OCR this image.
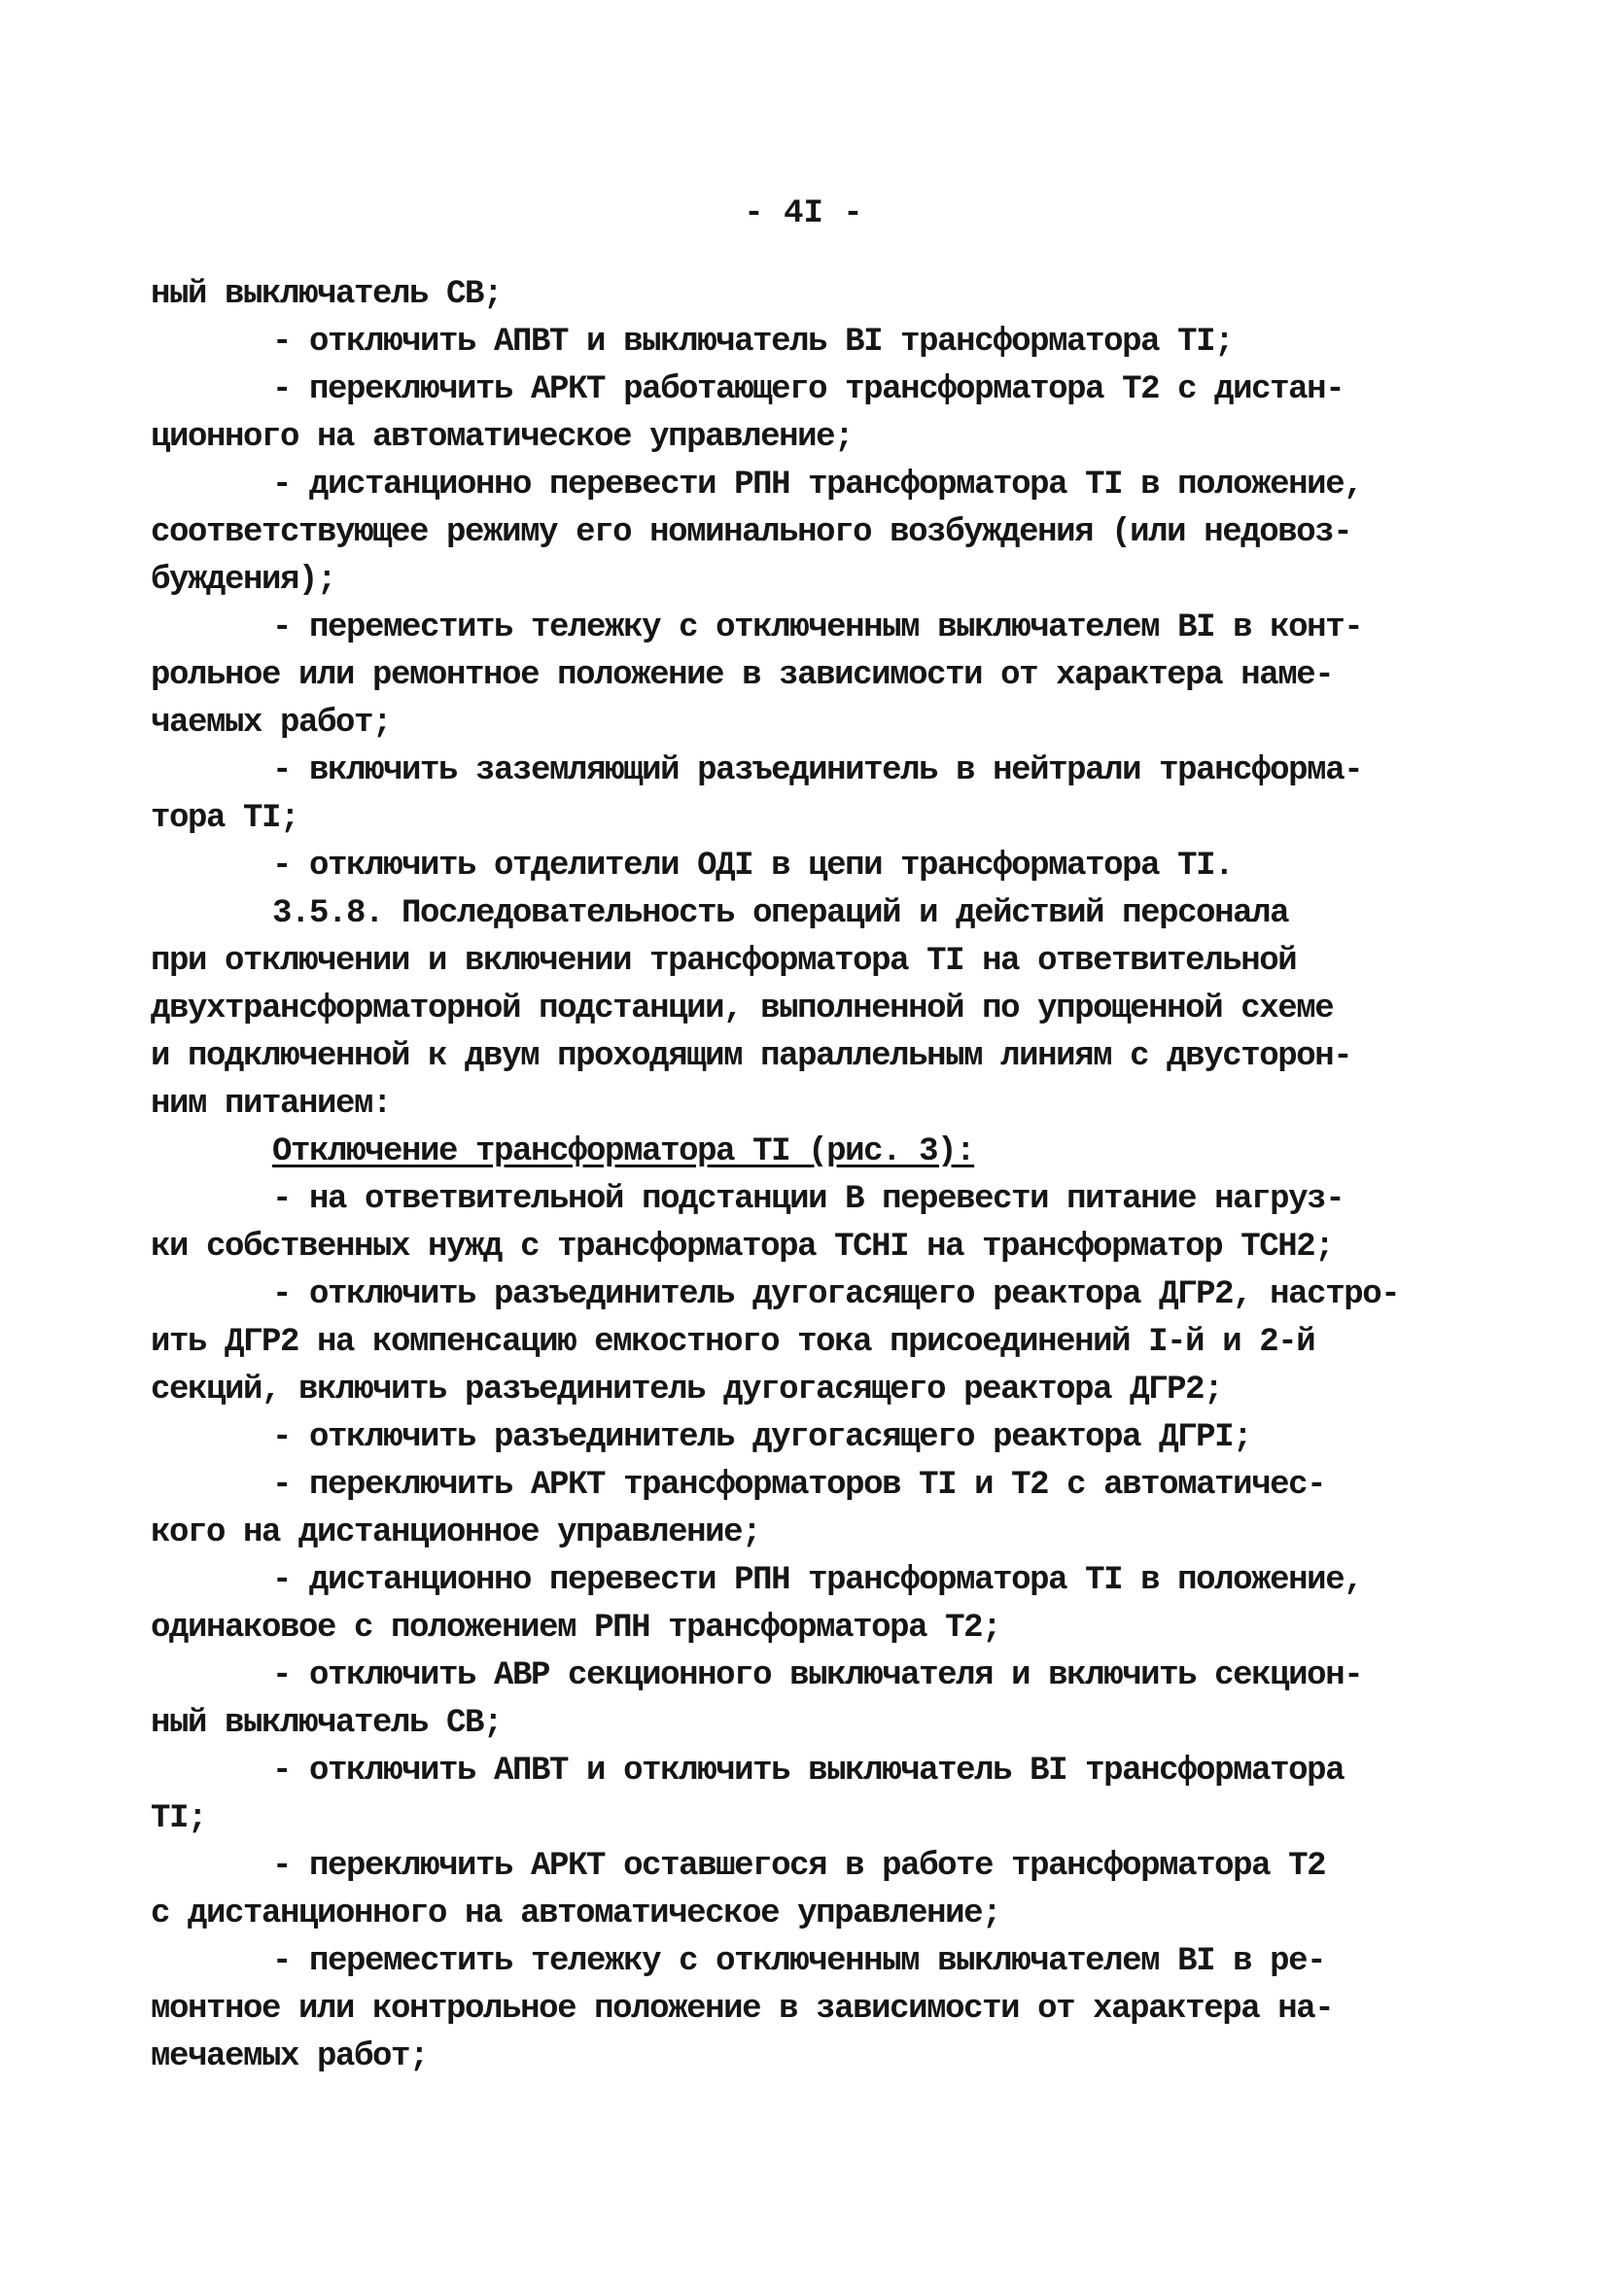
- 4I -
ный выключатель СВ;
- отключить АПВТ и выключатель ВI трансформатора ТI;
- переключить АРКТ работающего трансформатора Т2 с дистан-
ционного на автоматическое управление;
- дистанционно перевести РПН трансформатора ТI в положение,
соответствующее режиму его номинального возбуждения (или недовоз-
буждения);
- переместить тележку с отключенным выключателем ВI в конт-
рольное или ремонтное положение в зависимости от характера наме-
чаемых работ;
- включить заземляющий разъединитель в нейтрали трансформа-
тора ТI;
- отключить отделители ОДI в цепи трансформатора ТI.
3.5.8. Последовательность операций и действий персонала
при отключении и включении трансформатора ТI на ответвительной
двухтрансформаторной подстанции, выполненной по упрощенной схеме
и подключенной к двум проходящим параллельным линиям с двусторон-
ним питанием:
Отключение трансформатора ТI (рис. 3):
- на ответвительной подстанции В перевести питание нагруз-
ки собственных нужд с трансформатора ТСНI на трансформатор ТСН2;
- отключить разъединитель дугогасящего реактора ДГР2, настро-
ить ДГР2 на компенсацию емкостного тока присоединений I-й и 2-й
секций, включить разъединитель дугогасящего реактора ДГР2;
- отключить разъединитель дугогасящего реактора ДГРI;
- переключить АРКТ трансформаторов ТI и Т2 с автоматичес-
кого на дистанционное управление;
- дистанционно перевести РПН трансформатора ТI в положение,
одинаковое с положением РПН трансформатора Т2;
- отключить АВР секционного выключателя и включить секцион-
ный выключатель СВ;
- отключить АПВТ и отключить выключатель ВI трансформатора
ТI;
- переключить АРКТ оставшегося в работе трансформатора Т2
с дистанционного на автоматическое управление;
- переместить тележку с отключенным выключателем ВI в ре-
монтное или контрольное положение в зависимости от характера на-
мечаемых работ;
